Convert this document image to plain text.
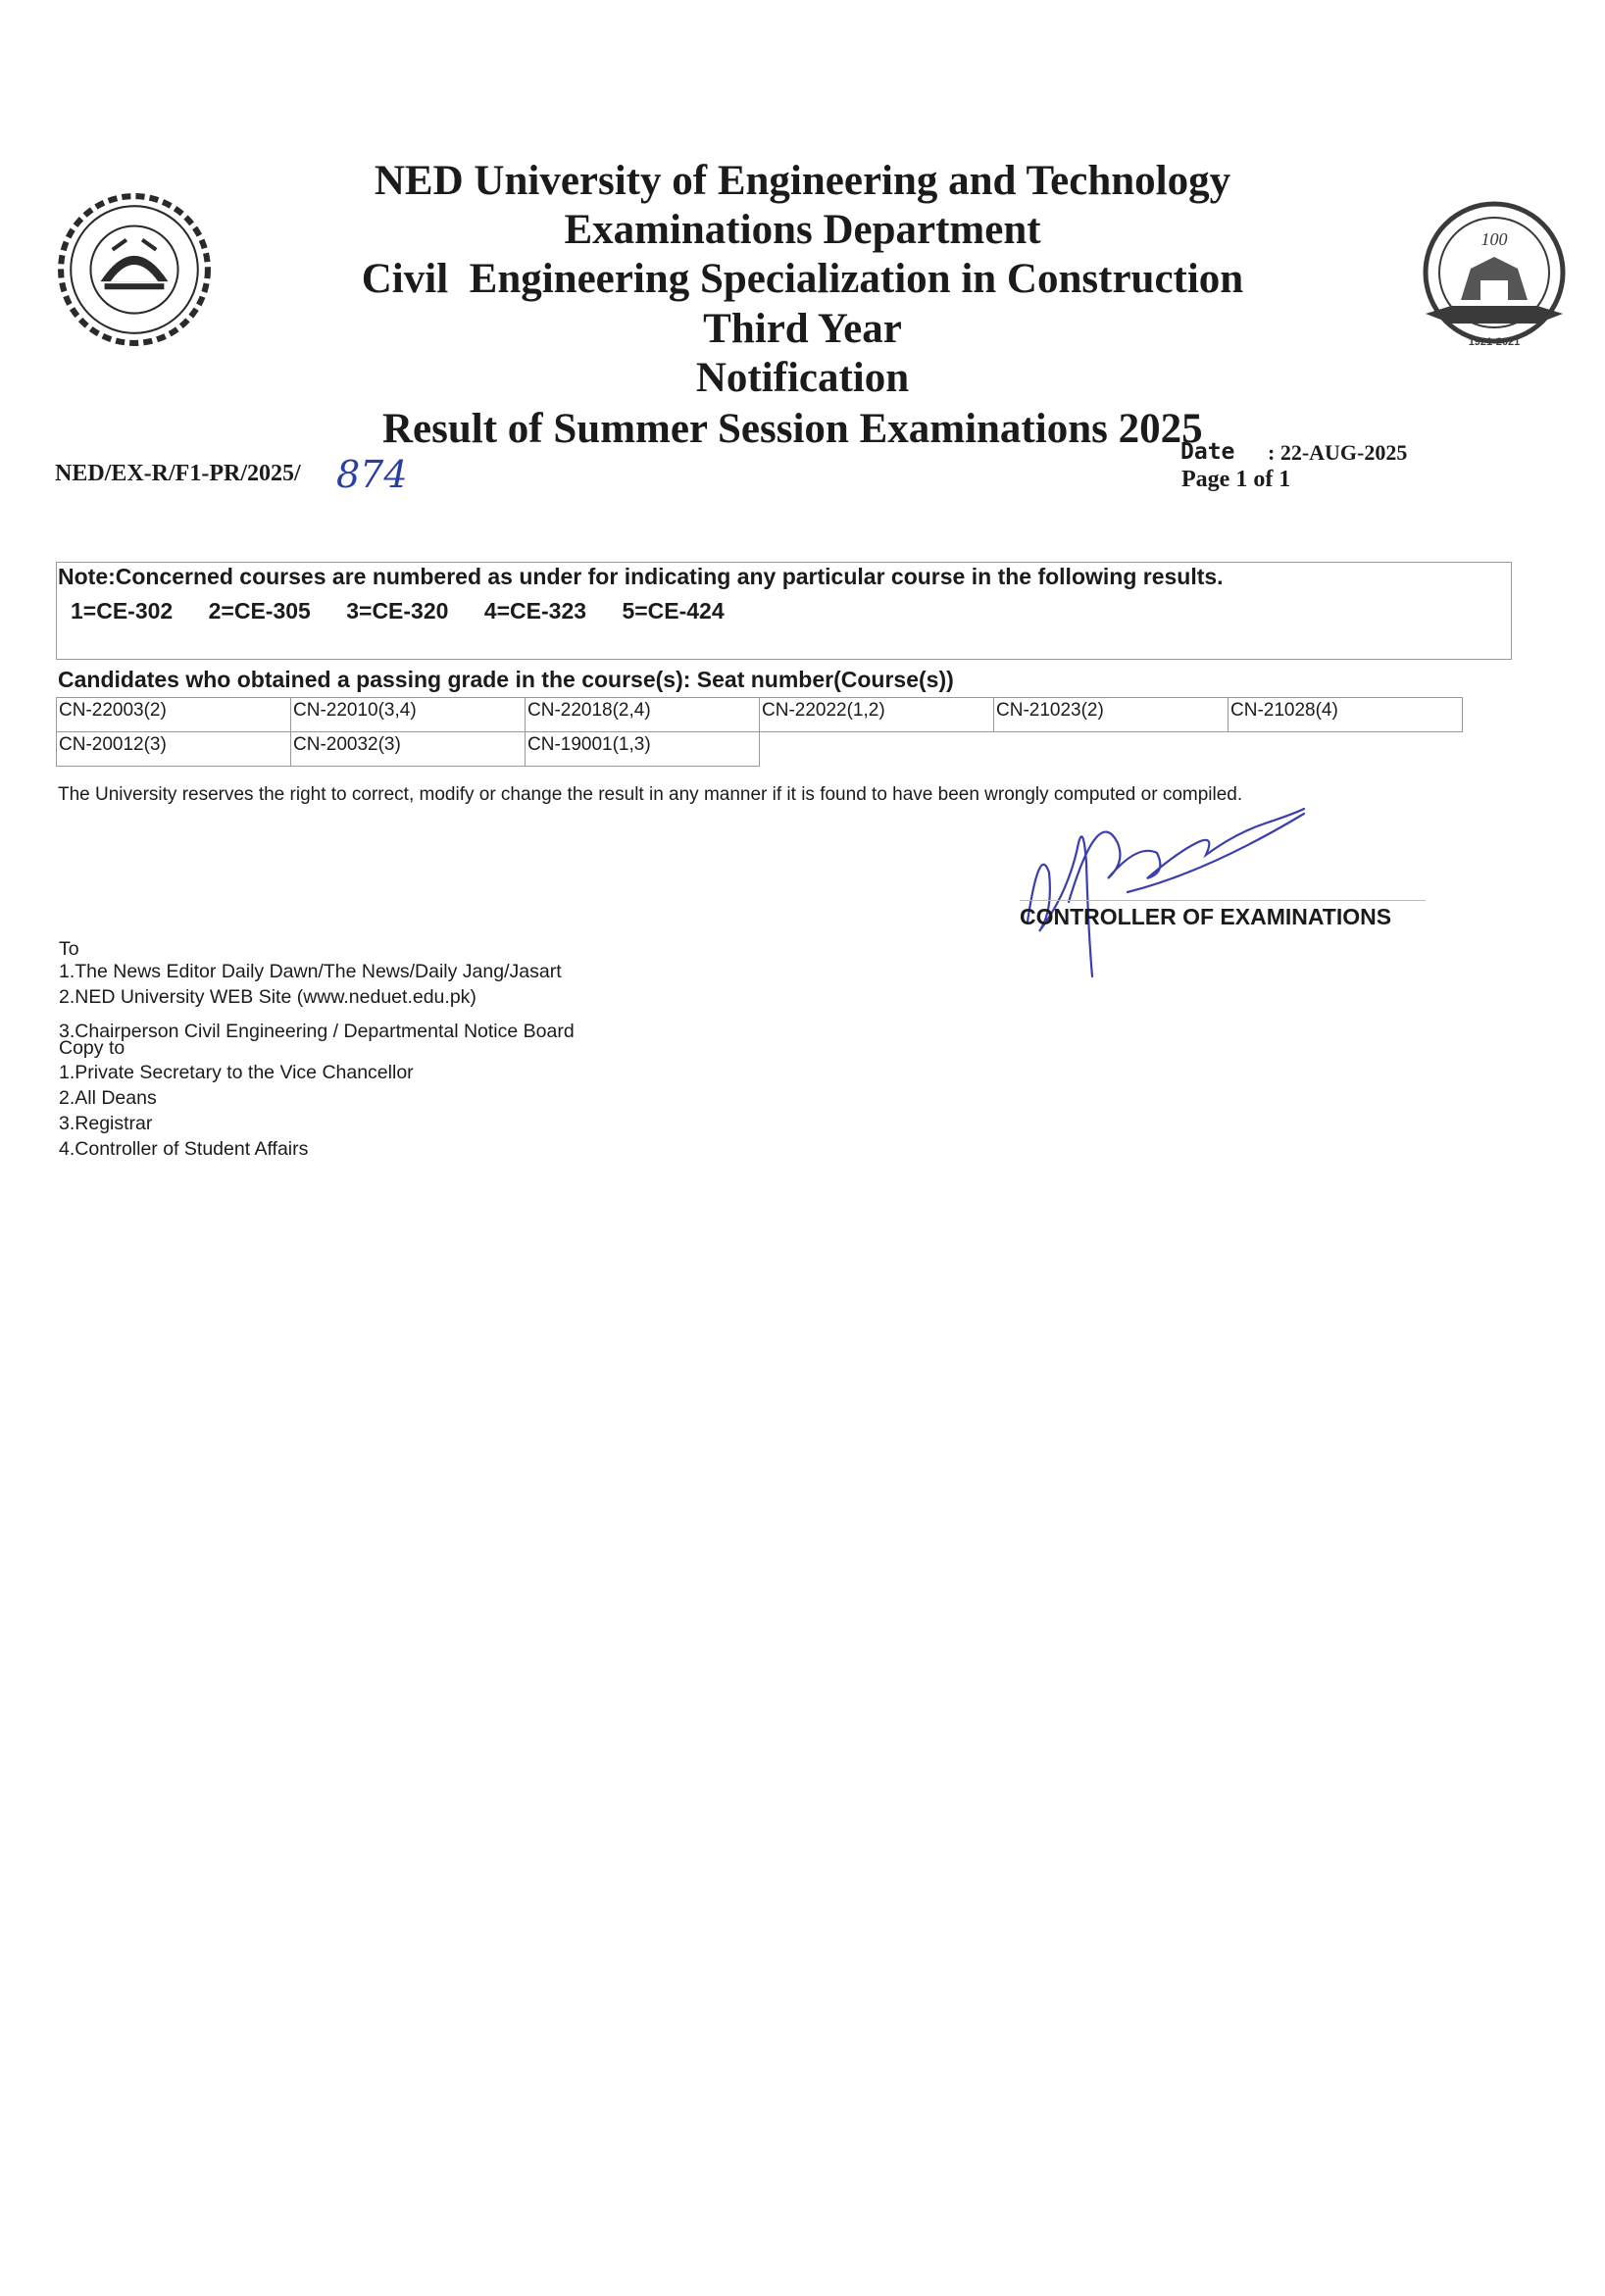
100
1921-2021
NED University of Engineering and Technology
Examinations Department
Civil  Engineering Specialization in Construction
Third Year
Notification
Result of Summer Session Examinations 2025
NED/EX-R/F1-PR/2025/ 874
Date : 22-AUG-2025
Page 1 of 1
Note:Concerned courses are numbered as under for indicating any particular course in the following results.
1=CE-302 2=CE-305 3=CE-320 4=CE-323 5=CE-424
Candidates who obtained a passing grade in the course(s): Seat number(Course(s))
CN-22003(2)	CN-22010(3,4)	CN-22018(2,4)	CN-22022(1,2)	CN-21023(2)	CN-21028(4)
CN-20012(3)	CN-20032(3)	CN-19001(1,3)			
The University reserves the right to correct, modify or change the result in any manner if it is found to have been wrongly computed or compiled.
CONTROLLER OF EXAMINATIONS
To
1.The News Editor Daily Dawn/The News/Daily Jang/Jasart
2.NED University WEB Site (www.neduet.edu.pk)
3.Chairperson Civil Engineering / Departmental Notice Board
Copy to
1.Private Secretary to the Vice Chancellor
2.All Deans
3.Registrar
4.Controller of Student Affairs
